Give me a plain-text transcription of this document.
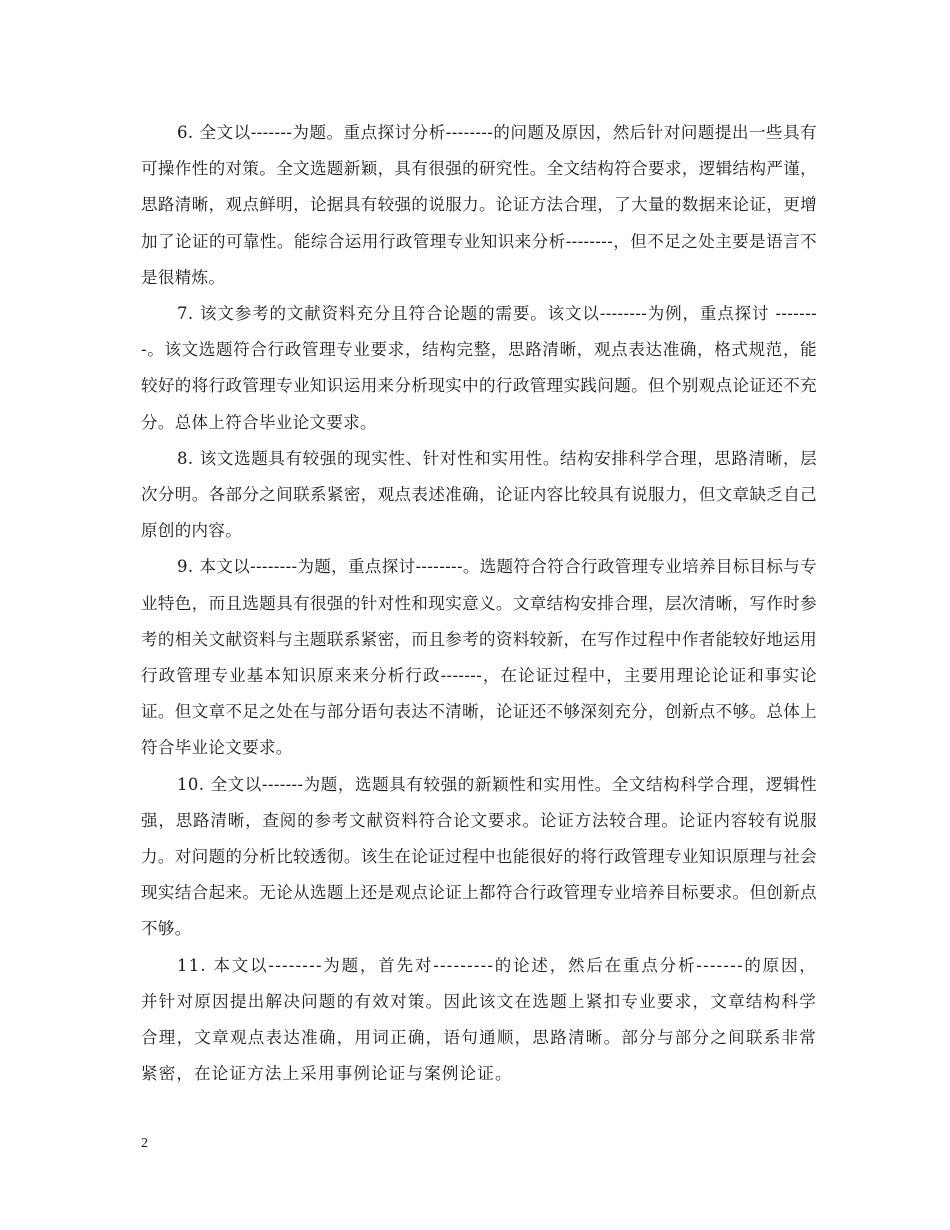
6. 全文以-------为题。重点探讨分析--------的问题及原因，然后针对问题提出一些具有可操作性的对策。全文选题新颖，具有很强的研究性。全文结构符合要求，逻辑结构严谨，思路清晰，观点鲜明，论据具有较强的说服力。论证方法合理，了大量的数据来论证，更增加了论证的可靠性。能综合运用行政管理专业知识来分析--------，但不足之处主要是语言不是很精炼。

7. 该文参考的文献资料充分且符合论题的需要。该文以--------为例，重点探讨 --------。该文选题符合行政管理专业要求，结构完整，思路清晰，观点表达准确，格式规范，能较好的将行政管理专业知识运用来分析现实中的行政管理实践问题。但个别观点论证还不充分。总体上符合毕业论文要求。

8. 该文选题具有较强的现实性、针对性和实用性。结构安排科学合理，思路清晰，层次分明。各部分之间联系紧密，观点表述准确，论证内容比较具有说服力，但文章缺乏自己原创的内容。

9. 本文以--------为题，重点探讨--------。选题符合符合行政管理专业培养目标目标与专业特色，而且选题具有很强的针对性和现实意义。文章结构安排合理，层次清晰，写作时参考的相关文献资料与主题联系紧密，而且参考的资料较新，在写作过程中作者能较好地运用行政管理专业基本知识原来来分析行政-------，在论证过程中，主要用理论论证和事实论证。但文章不足之处在与部分语句表达不清晰，论证还不够深刻充分，创新点不够。总体上符合毕业论文要求。

10. 全文以-------为题，选题具有较强的新颖性和实用性。全文结构科学合理，逻辑性强，思路清晰，查阅的参考文献资料符合论文要求。论证方法较合理。论证内容较有说服力。对问题的分析比较透彻。该生在论证过程中也能很好的将行政管理专业知识原理与社会现实结合起来。无论从选题上还是观点论证上都符合行政管理专业培养目标要求。但创新点不够。

11. 本文以--------为题，首先对---------的论述，然后在重点分析-------的原因，并针对原因提出解决问题的有效对策。因此该文在选题上紧扣专业要求，文章结构科学合理，文章观点表达准确，用词正确，语句通顺，思路清晰。部分与部分之间联系非常紧密，在论证方法上采用事例论证与案例论证。

2
